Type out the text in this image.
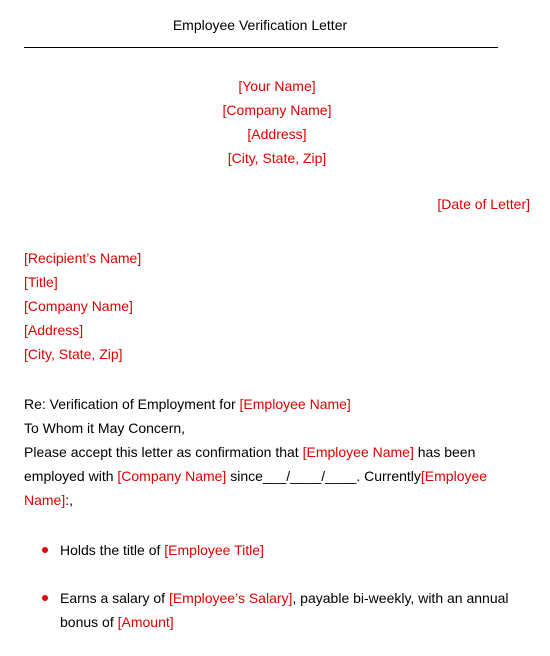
Employee Verification Letter
[Your Name]
[Company Name]
[Address]
[City, State, Zip]
[Date of Letter]
[Recipient’s Name]
[Title]
[Company Name]
[Address]
[City, State, Zip]

Re: Verification of Employment for [Employee Name]

To Whom it May Concern,

Please accept this letter as confirmation that [Employee Name] has been employed with [Company Name] since___/____/____. Currently[Employee Name]:,

Holds the title of [Employee Title]
Earns a salary of [Employee’s Salary], payable bi-weekly, with an annual bonus of [Amount]
